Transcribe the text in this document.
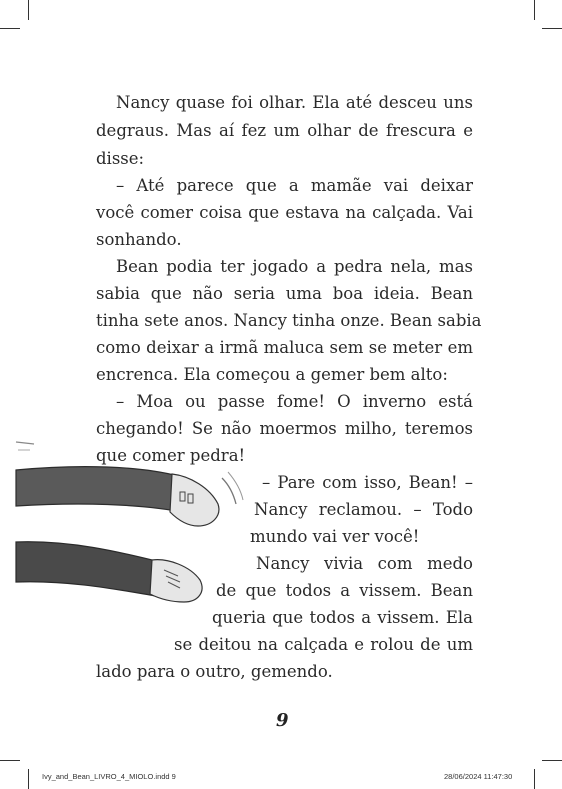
Nancy quase foi olhar. Ela até desceu uns
degraus. Mas aí fez um olhar de frescura e
disse:
– Até parece que a mamãe vai deixar
você comer coisa que estava na calçada. Vai
sonhando.
Bean podia ter jogado a pedra nela, mas
sabia que não seria uma boa ideia. Bean
tinha sete anos. Nancy tinha onze. Bean sabia
como deixar a irmã maluca sem se meter em
encrenca. Ela começou a gemer bem alto:
– Moa ou passe fome! O inverno está
chegando! Se não moermos milho, teremos
que comer pedra!
– Pare com isso, Bean! –
Nancy reclamou. – Todo
mundo vai ver você!
Nancy vivia com medo
de que todos a vissem. Bean
queria que todos a vissem. Ela
se deitou na calçada e rolou de um
lado para o outro, gemendo.
9
Ivy_and_Bean_LIVRO_4_MIOLO.indd 9	28/06/2024 11:47:30
